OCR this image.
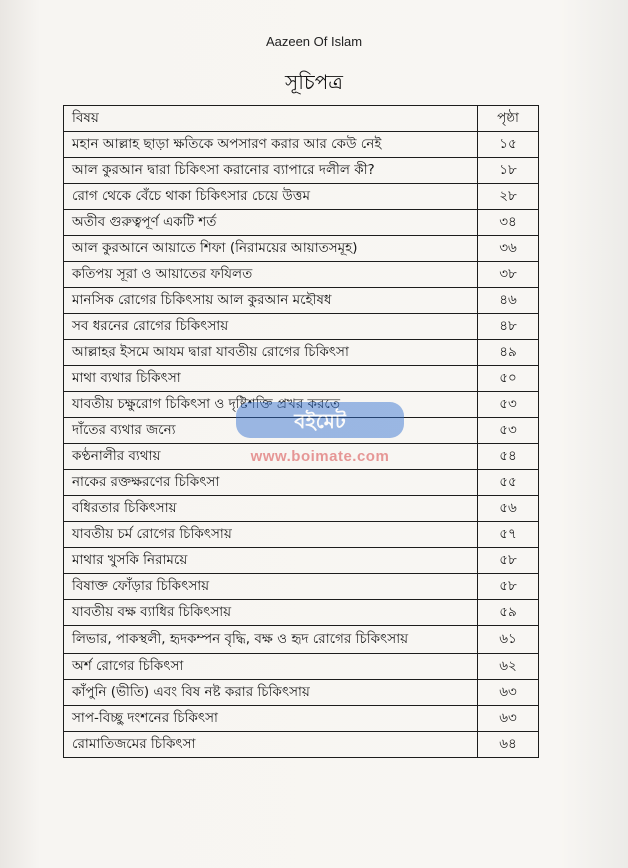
Aazeen Of Islam
সূচিপত্র
বিষয়	পৃষ্ঠা
মহান আল্লাহ ছাড়া ক্ষতিকে অপসারণ করার আর কেউ নেই	১৫
আল কুরআন দ্বারা চিকিৎসা করানোর ব্যাপারে দলীল কী?	১৮
রোগ থেকে বেঁচে থাকা চিকিৎসার চেয়ে উত্তম	২৮
অতীব গুরুত্বপূর্ণ একটি শর্ত	৩৪
আল কুরআনে আয়াতে শিফা (নিরাময়ের আয়াতসমূহ)	৩৬
কতিপয় সূরা ও আয়াতের ফযিলত	৩৮
মানসিক রোগের চিকিৎসায় আল কুরআন মহৌষধ	৪৬
সব ধরনের রোগের চিকিৎসায়	৪৮
আল্লাহর ইসমে আযম দ্বারা যাবতীয় রোগের চিকিৎসা	৪৯
মাথা ব্যথার চিকিৎসা	৫০
যাবতীয় চক্ষুরোগ চিকিৎসা ও দৃষ্টিশক্তি প্রখর করতে	৫৩
দাঁতের ব্যথার জন্যে	৫৩
কণ্ঠনালীর ব্যথায়	৫৪
নাকের রক্তক্ষরণের চিকিৎসা	৫৫
বধিরতার চিকিৎসায়	৫৬
যাবতীয় চর্ম রোগের চিকিৎসায়	৫৭
মাথার খুসকি নিরাময়ে	৫৮
বিষাক্ত ফোঁড়ার চিকিৎসায়	৫৮
যাবতীয় বক্ষ ব্যাধির চিকিৎসায়	৫৯
লিভার, পাকস্থলী, হৃদকম্পন বৃদ্ধি, বক্ষ ও হৃদ রোগের চিকিৎসায়	৬১
অর্শ রোগের চিকিৎসা	৬২
কাঁপুনি (ভীতি) এবং বিষ নষ্ট করার চিকিৎসায়	৬৩
সাপ-বিচ্ছু দংশনের চিকিৎসা	৬৩
রোমাতিজমের চিকিৎসা	৬৪
বইমেট
www.boimate.com
